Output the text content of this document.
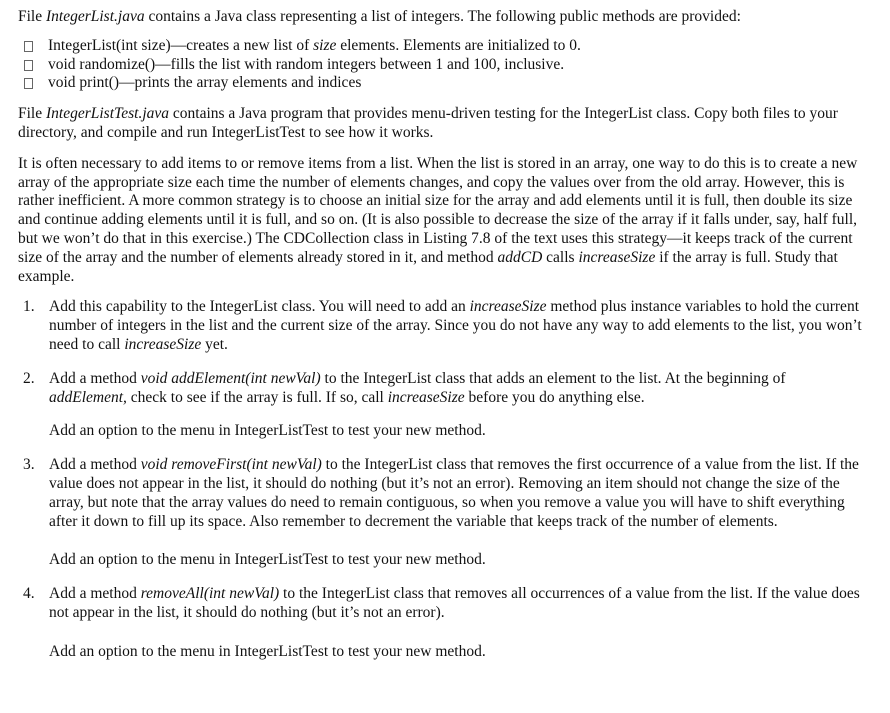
File IntegerList.java contains a Java class representing a list of integers. The following public methods are provided:

IntegerList(int size)—creates a new list of size elements. Elements are initialized to 0.
void randomize()—fills the list with random integers between 1 and 100, inclusive.
void print()—prints the array elements and indices

File IntegerListTest.java contains a Java program that provides menu-driven testing for the IntegerList class. Copy both files to your directory, and compile and run IntegerListTest to see how it works.

It is often necessary to add items to or remove items from a list. When the list is stored in an array, one way to do this is to create a new array of the appropriate size each time the number of elements changes, and copy the values over from the old array. However, this is rather inefficient. A more common strategy is to choose an initial size for the array and add elements until it is full, then double its size and continue adding elements until it is full, and so on. (It is also possible to decrease the size of the array if it falls under, say, half full, but we won’t do that in this exercise.) The CDCollection class in Listing 7.8 of the text uses this strategy—it keeps track of the current size of the array and the number of elements already stored in it, and method addCD calls increaseSize if the array is full. Study that example.

1. Add this capability to the IntegerList class. You will need to add an increaseSize method plus instance variables to hold the current number of integers in the list and the current size of the array. Since you do not have any way to add elements to the list, you won’t need to call increaseSize yet.

2. Add a method void addElement(int newVal) to the IntegerList class that adds an element to the list. At the beginning of addElement, check to see if the array is full. If so, call increaseSize before you do anything else.

Add an option to the menu in IntegerListTest to test your new method.

3. Add a method void removeFirst(int newVal) to the IntegerList class that removes the first occurrence of a value from the list. If the value does not appear in the list, it should do nothing (but it’s not an error). Removing an item should not change the size of the array, but note that the array values do need to remain contiguous, so when you remove a value you will have to shift everything after it down to fill up its space. Also remember to decrement the variable that keeps track of the number of elements.

Add an option to the menu in IntegerListTest to test your new method.

4. Add a method removeAll(int newVal) to the IntegerList class that removes all occurrences of a value from the list. If the value does not appear in the list, it should do nothing (but it’s not an error).

Add an option to the menu in IntegerListTest to test your new method.
